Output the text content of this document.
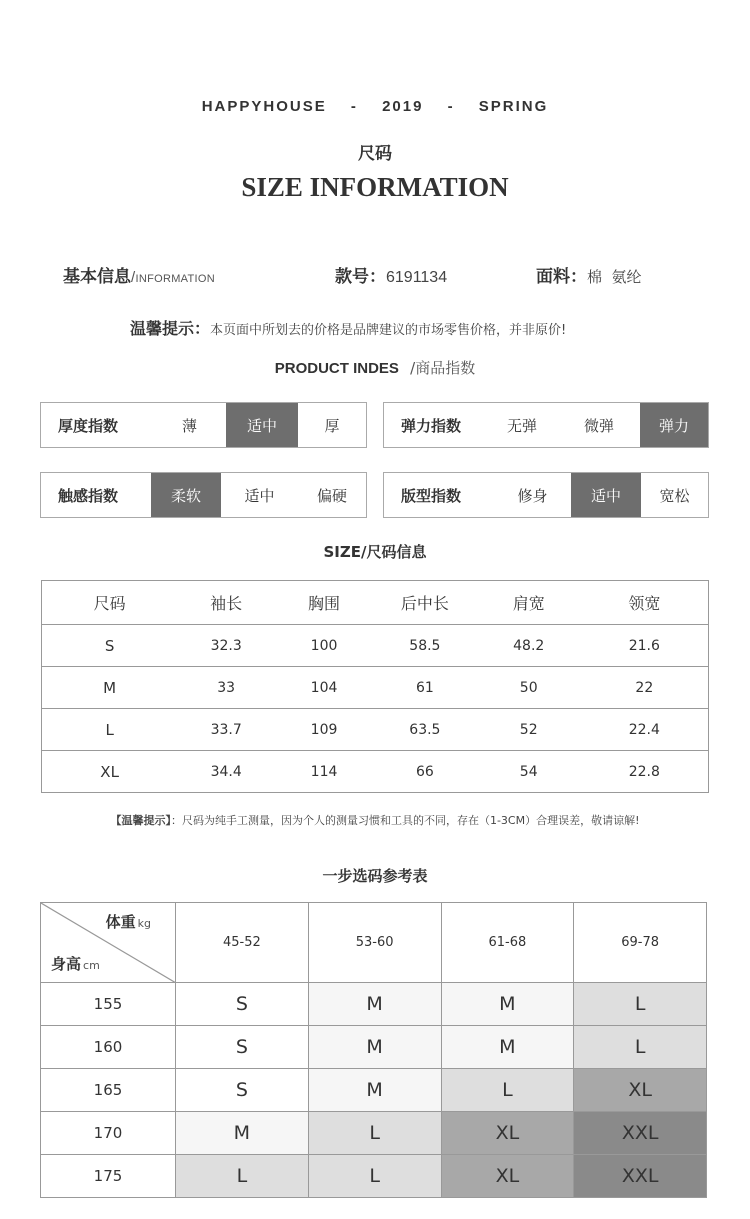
HAPPYHOUSE - 2019 - SPRING
尺码
SIZE INFORMATION
基本信息/INFORMATION	款号：6191134	面料：棉  氨纶
温馨提示：本页面中所划去的价格是品牌建议的市场零售价格，并非原价!
PRODUCT INDES /商品指数
厚度指数	薄	适中	厚	弹力指数	无弹	微弹	弹力
触感指数	柔软	适中	偏硬	版型指数	修身	适中	宽松
SIZE/尺码信息
尺码	袖长	胸围	后中长	肩宽	领宽
S	32.3	100	58.5	48.2	21.6
M	33	104	61	50	22
L	33.7	109	63.5	52	22.4
XL	34.4	114	66	54	22.8
【温馨提示】：尺码为纯手工测量，因为个人的测量习惯和工具的不同，存在（1-3CM）合理误差，敬请谅解!
一步选码参考表
体重 kg
身高 cm	45-52	53-60	61-68	69-78
155	S	M	M	L
160	S	M	M	L
165	S	M	L	XL
170	M	L	XL	XXL
175	L	L	XL	XXL
